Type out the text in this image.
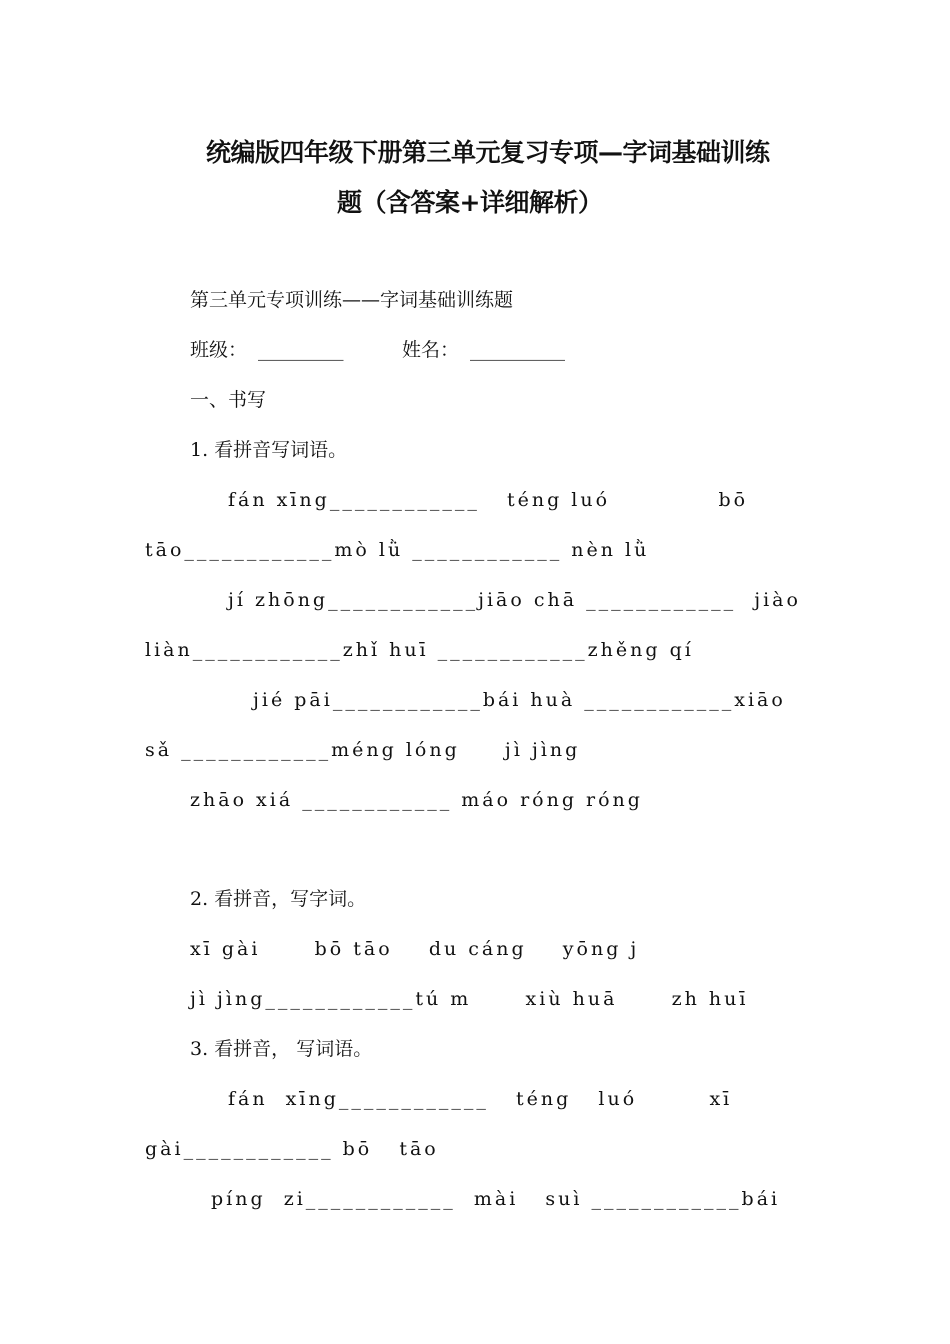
统编版四年级下册第三单元复习专项—字词基础训练
题（含答案+详细解析）
第三单元专项训练——字词基础训练题
班级： _________	姓名： __________
一、书写
1. 看拼音写词语。
fán xīng____________   téng luó            bō
tāo____________mò lǜ ____________ nèn lǜ
jí zhōng____________jiāo chā ____________  jiào
liàn____________zhǐ huī ____________zhěng qí
jié pāi____________bái huà ____________xiāo
sǎ ____________méng lóng     jì jìng
zhāo xiá ____________ máo róng róng
2. 看拼音，写字词。
xī gài      bō tāo    du cáng    yōng j
jì jìng____________tú m      xiù huā      zh huī
3. 看拼音， 写词语。
fán  xīng____________   téng   luó        xī
gài____________ bō   tāo
píng  zi____________  mài   suì ____________bái
